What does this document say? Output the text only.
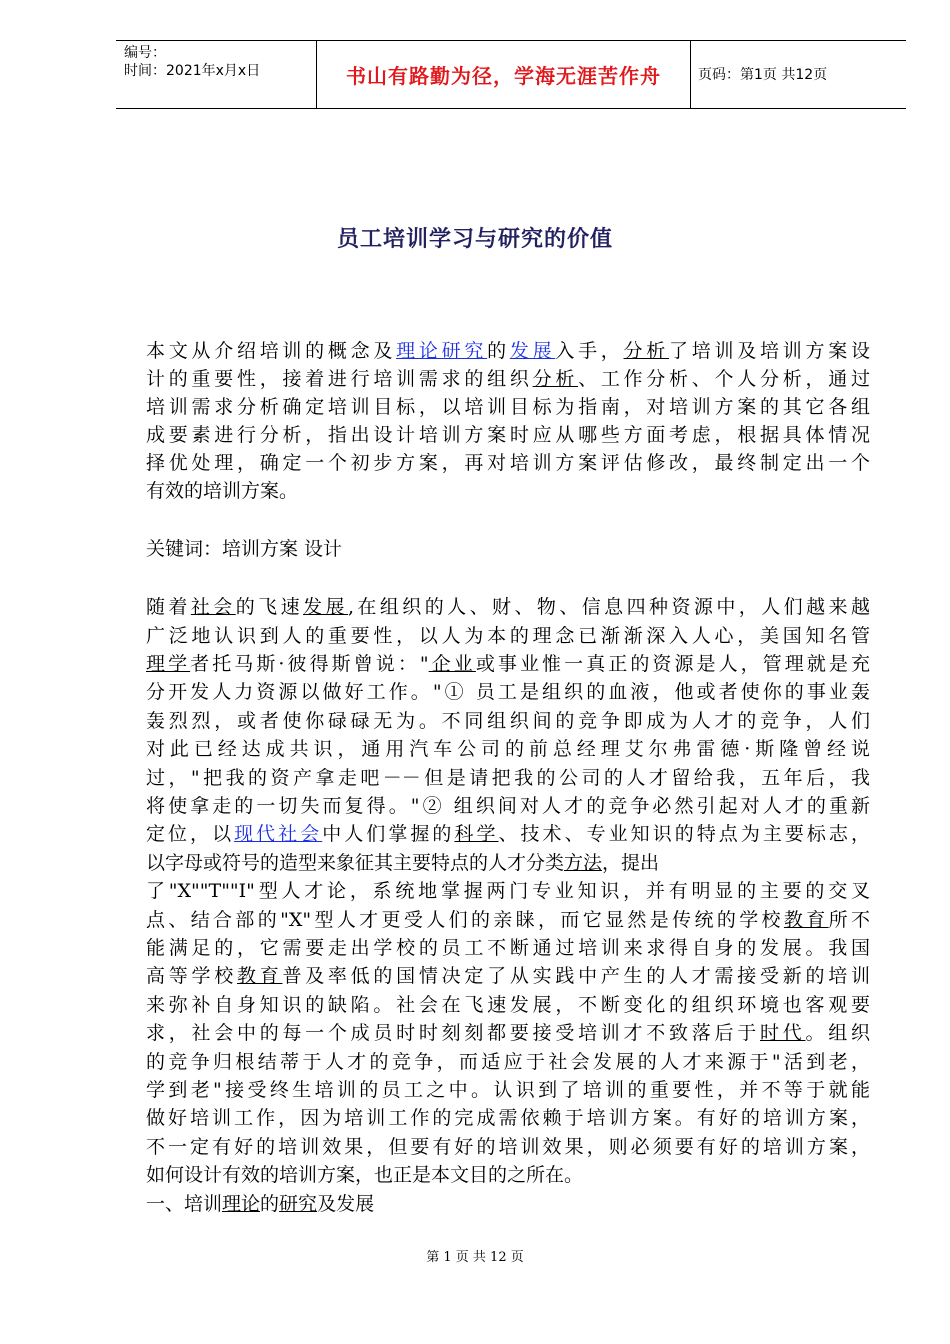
编号：
时间：2021年x月x日	书山有路勤为径，学海无涯苦作舟	页码：第1页 共12页
员工培训学习与研究的价值
本文从介绍培训的概念及理论研究的发展入手，分析了培训及培训方案设
计的重要性，接着进行培训需求的组织分析、工作分析、个人分析，通过
培训需求分析确定培训目标，以培训目标为指南，对培训方案的其它各组
成要素进行分析，指出设计培训方案时应从哪些方面考虑，根据具体情况
择优处理，确定一个初步方案，再对培训方案评估修改，最终制定出一个
有效的培训方案。
关键词：培训方案 设计
随着社会的飞速发展,在组织的人、财、物、信息四种资源中，人们越来越
广泛地认识到人的重要性，以人为本的理念已渐渐深入人心，美国知名管
理学者托马斯·彼得斯曾说："企业或事业惟一真正的资源是人，管理就是充
分开发人力资源以做好工作。"① 员工是组织的血液，他或者使你的事业轰
轰烈烈，或者使你碌碌无为。不同组织间的竞争即成为人才的竞争，人们
对此已经达成共识，通用汽车公司的前总经理艾尔弗雷德·斯隆曾经说
过，"把我的资产拿走吧－－但是请把我的公司的人才留给我，五年后，我
将使拿走的一切失而复得。"② 组织间对人才的竞争必然引起对人才的重新
定位，以现代社会中人们掌握的科学、技术、专业知识的特点为主要标志，
以字母或符号的造型来象征其主要特点的人才分类方法，提出
了"X""T""I"型人才论，系统地掌握两门专业知识，并有明显的主要的交叉
点、结合部的"X"型人才更受人们的亲睐，而它显然是传统的学校教育所不
能满足的，它需要走出学校的员工不断通过培训来求得自身的发展。我国
高等学校教育普及率低的国情决定了从实践中产生的人才需接受新的培训
来弥补自身知识的缺陷。社会在飞速发展，不断变化的组织环境也客观要
求，社会中的每一个成员时时刻刻都要接受培训才不致落后于时代。组织
的竞争归根结蒂于人才的竞争，而适应于社会发展的人才来源于"活到老，
学到老"接受终生培训的员工之中。认识到了培训的重要性，并不等于就能
做好培训工作，因为培训工作的完成需依赖于培训方案。有好的培训方案，
不一定有好的培训效果，但要有好的培训效果，则必须要有好的培训方案，
如何设计有效的培训方案，也正是本文目的之所在。
一、培训理论的研究及发展
第 1 页 共 12 页
